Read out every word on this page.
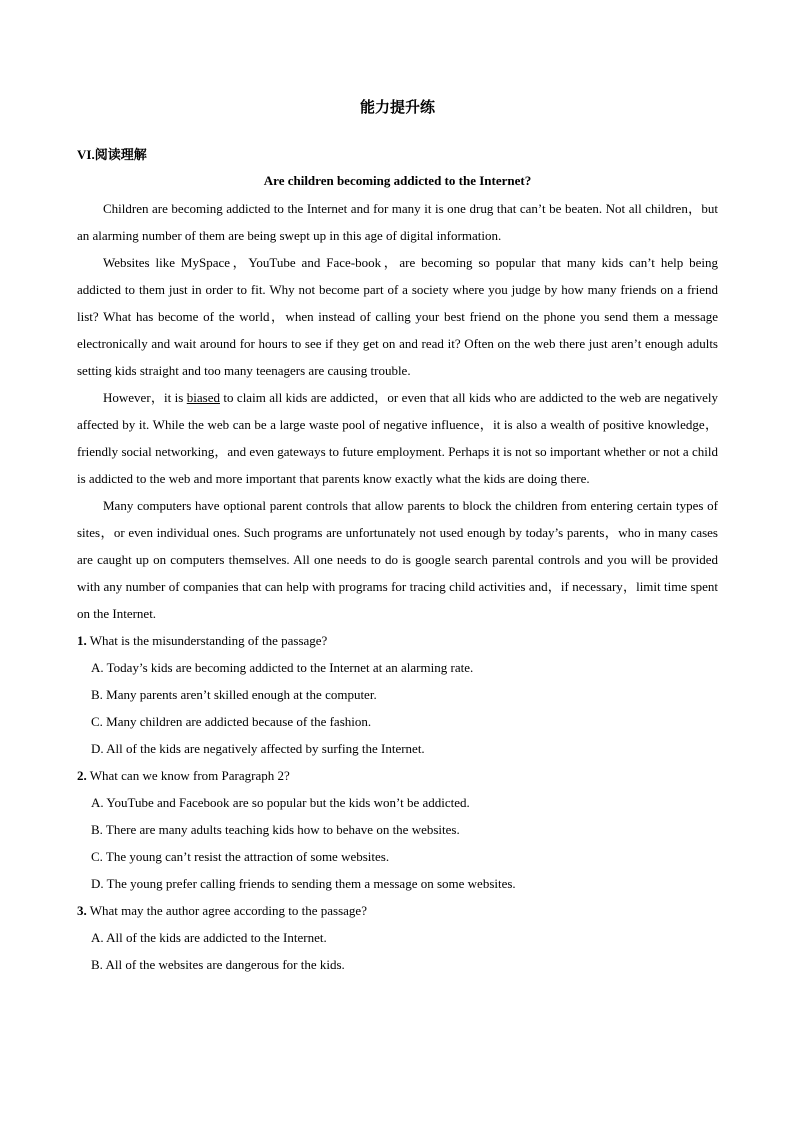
能力提升练
VI.阅读理解
Are children becoming addicted to the Internet?

Children are becoming addicted to the Internet and for many it is one drug that can’t be beaten. Not all children，but an alarming number of them are being swept up in this age of digital information.

Websites like MySpace，YouTube and Face-book，are becoming so popular that many kids can’t help being addicted to them just in order to fit. Why not become part of a society where you judge by how many friends on a friend list? What has become of the world，when instead of calling your best friend on the phone you send them a message electronically and wait around for hours to see if they get on and read it? Often on the web there just aren’t enough adults setting kids straight and too many teenagers are causing trouble.

However，it is biased to claim all kids are addicted，or even that all kids who are addicted to the web are negatively affected by it. While the web can be a large waste pool of negative influence，it is also a wealth of positive knowledge，friendly social networking，and even gateways to future employment. Perhaps it is not so important whether or not a child is addicted to the web and more important that parents know exactly what the kids are doing there.

Many computers have optional parent controls that allow parents to block the children from entering certain types of sites，or even individual ones. Such programs are unfortunately not used enough by today’s parents，who in many cases are caught up on computers themselves. All one needs to do is google search parental controls and you will be provided with any number of companies that can help with programs for tracing child activities and，if necessary，limit time spent on the Internet.

1. What is the misunderstanding of the passage?

A. Today’s kids are becoming addicted to the Internet at an alarming rate.

B. Many parents aren’t skilled enough at the computer.

C. Many children are addicted because of the fashion.

D. All of the kids are negatively affected by surfing the Internet.

2. What can we know from Paragraph 2?

A. YouTube and Facebook are so popular but the kids won’t be addicted.

B. There are many adults teaching kids how to behave on the websites.

C. The young can’t resist the attraction of some websites.

D. The young prefer calling friends to sending them a message on some websites.

3. What may the author agree according to the passage?

A. All of the kids are addicted to the Internet.

B. All of the websites are dangerous for the kids.
